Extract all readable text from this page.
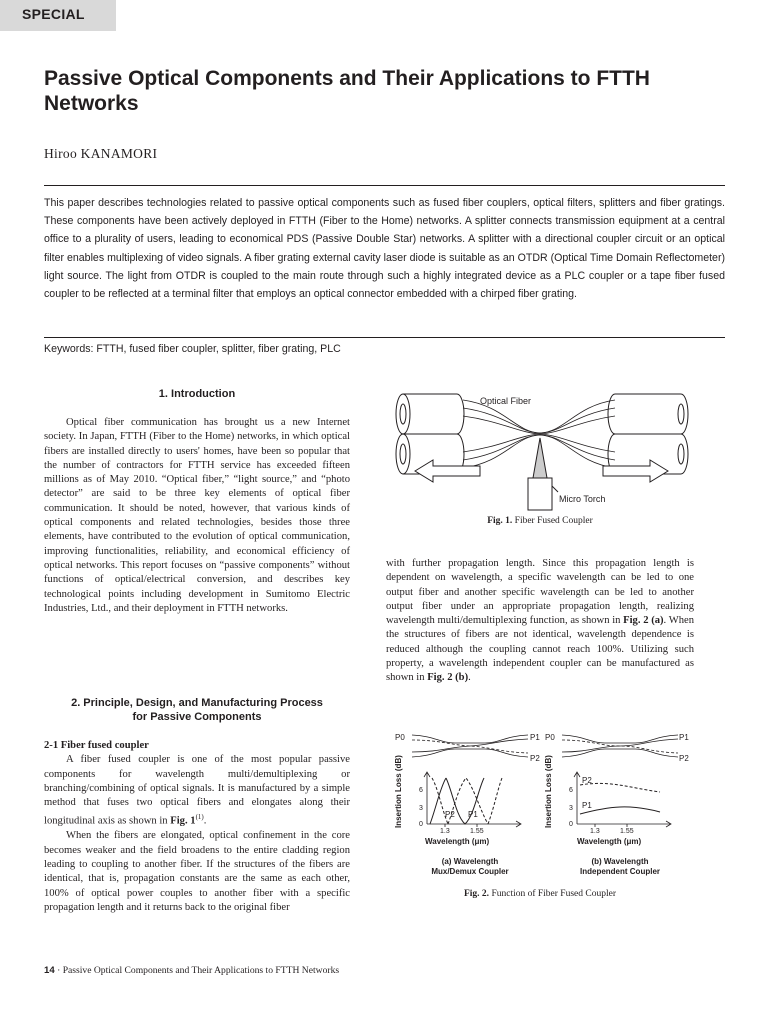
SPECIAL
Passive Optical Components and Their Applications to FTTH Networks
Hiroo KANAMORI

This paper describes technologies related to passive optical components such as fused fiber couplers, optical filters, splitters and fiber gratings. These components have been actively deployed in FTTH (Fiber to the Home) networks. A splitter connects transmission equipment at a central office to a plurality of users, leading to economical PDS (Passive Double Star) networks. A splitter with a directional coupler circuit or an optical filter enables multiplexing of video signals. A fiber grating external cavity laser diode is suitable as an OTDR (Optical Time Domain Reflectometer) light source. The light from OTDR is coupled to the main route through such a highly integrated device as a PLC coupler or a tape fiber fused coupler to be reflected at a terminal filter that employs an optical connector embedded with a chirped fiber grating.

Keywords: FTTH, fused fiber coupler, splitter, fiber grating, PLC
1. Introduction

Optical fiber communication has brought us a new Internet society. In Japan, FTTH (Fiber to the Home) networks, in which optical fibers are installed directly to users' homes, have been so popular that the number of contractors for FTTH service has exceeded fifteen millions as of May 2010. “Optical fiber,” “light source,” and “photo detector” are said to be three key elements of optical fiber communication. It should be noted, however, that various kinds of optical components and related technologies, besides those three elements, have contributed to the evolution of optical communication, improving functionalities, reliability, and economical efficiency of optical networks. This report focuses on “passive components” without functions of optical/electrical conversion, and describes key technological points including development in Sumitomo Electric Industries, Ltd., and their deployment in FTTH networks.

2. Principle, Design, and Manufacturing Process
for Passive Components

2-1 Fiber fused coupler

A fiber fused coupler is one of the most popular passive components for wavelength multi/demultiplexing or branching/combining of optical signals. It is manufactured by a simple method that fuses two optical fibers and elongates along their longitudinal axis as shown in Fig. 1$^{(1)}$.

When the fibers are elongated, optical confinement in the core becomes weaker and the field broadens to the entire cladding region leading to coupling to another fiber. If the structures of the fibers are identical, that is, propagation constants are the same as each other, 100% of optical power couples to another fiber with a specific propagation length and it returns back to the original fiber

Optical Fiber
Micro Torch
Fig. 1. Fiber Fused Coupler

with further propagation length. Since this propagation length is dependent on wavelength, a specific wavelength can be led to one output fiber and another specific wavelength can be led to another output fiber under an appropriate propagation length, realizing wavelength multi/demultiplexing function, as shown in Fig. 2 (a). When the structures of fibers are not identical, wavelength dependence is reduced although the coupling cannot reach 100%. Utilizing such property, a wavelength independent coupler can be manufactured as shown in Fig. 2 (b).

P0	P1
P2
6
3
0
1.3	1.55
P2 P1
Wavelength (μm)
Insertion Loss (dB)
P0	P1
P2
6
3
0
1.3	1.55
P2
P1
Wavelength (μm)
Insertion Loss (dB)
(a) Wavelength
Mux/Demux Coupler
(b) Wavelength
Independent Coupler
Fig. 2. Function of Fiber Fused Coupler
14 · Passive Optical Components and Their Applications to FTTH Networks
